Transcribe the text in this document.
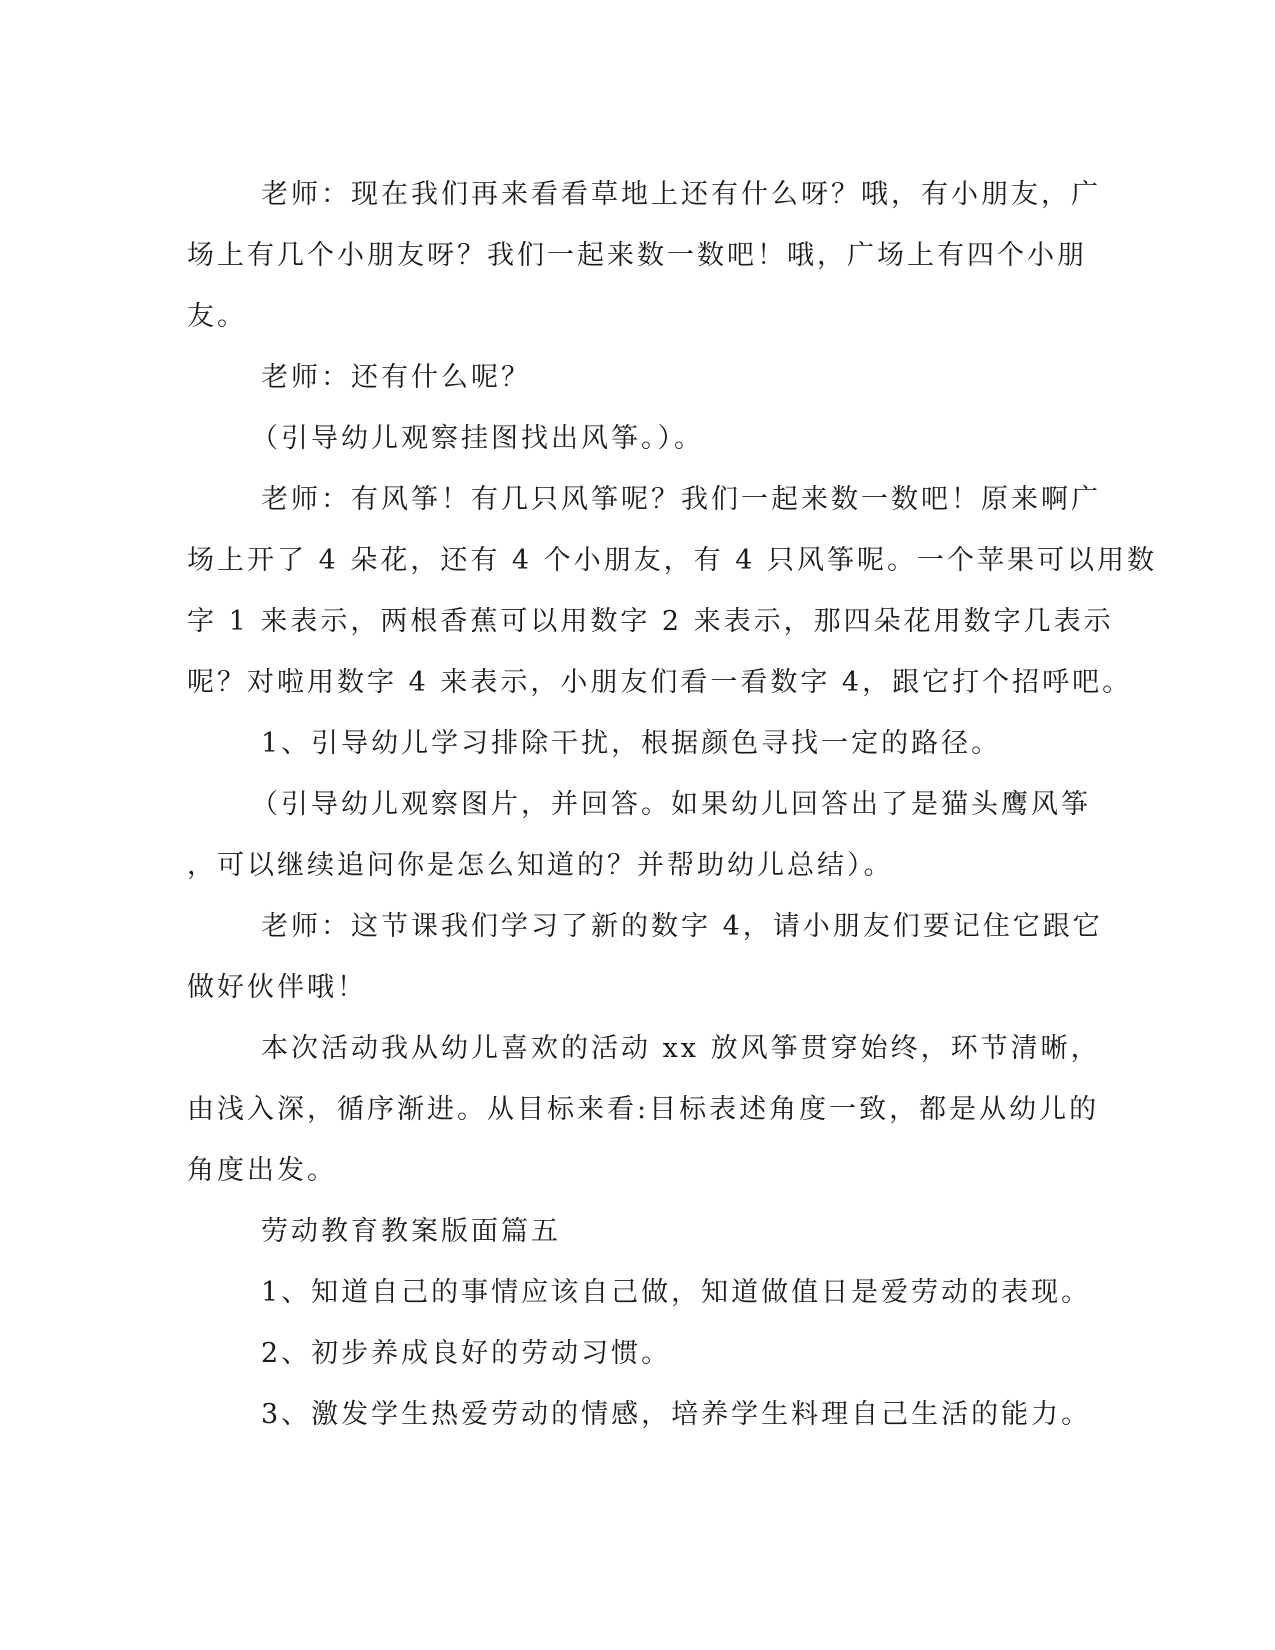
老师：现在我们再来看看草地上还有什么呀？哦，有小朋友，广
场上有几个小朋友呀？我们一起来数一数吧！哦，广场上有四个小朋
友。
老师：还有什么呢？
（引导幼儿观察挂图找出风筝。）。
老师：有风筝！有几只风筝呢？我们一起来数一数吧！原来啊广
场上开了 4 朵花，还有 4 个小朋友，有 4 只风筝呢。一个苹果可以用数
字 1 来表示，两根香蕉可以用数字 2 来表示，那四朵花用数字几表示
呢？对啦用数字 4 来表示，小朋友们看一看数字 4，跟它打个招呼吧。
1、引导幼儿学习排除干扰，根据颜色寻找一定的路径。
（引导幼儿观察图片，并回答。如果幼儿回答出了是猫头鹰风筝
，可以继续追问你是怎么知道的？并帮助幼儿总结）。
老师：这节课我们学习了新的数字 4，请小朋友们要记住它跟它
做好伙伴哦！
本次活动我从幼儿喜欢的活动 xx 放风筝贯穿始终，环节清晰，
由浅入深，循序渐进。从目标来看:目标表述角度一致，都是从幼儿的
角度出发。
劳动教育教案版面篇五
1、知道自己的事情应该自己做，知道做值日是爱劳动的表现。
2、初步养成良好的劳动习惯。
3、激发学生热爱劳动的情感，培养学生料理自己生活的能力。
